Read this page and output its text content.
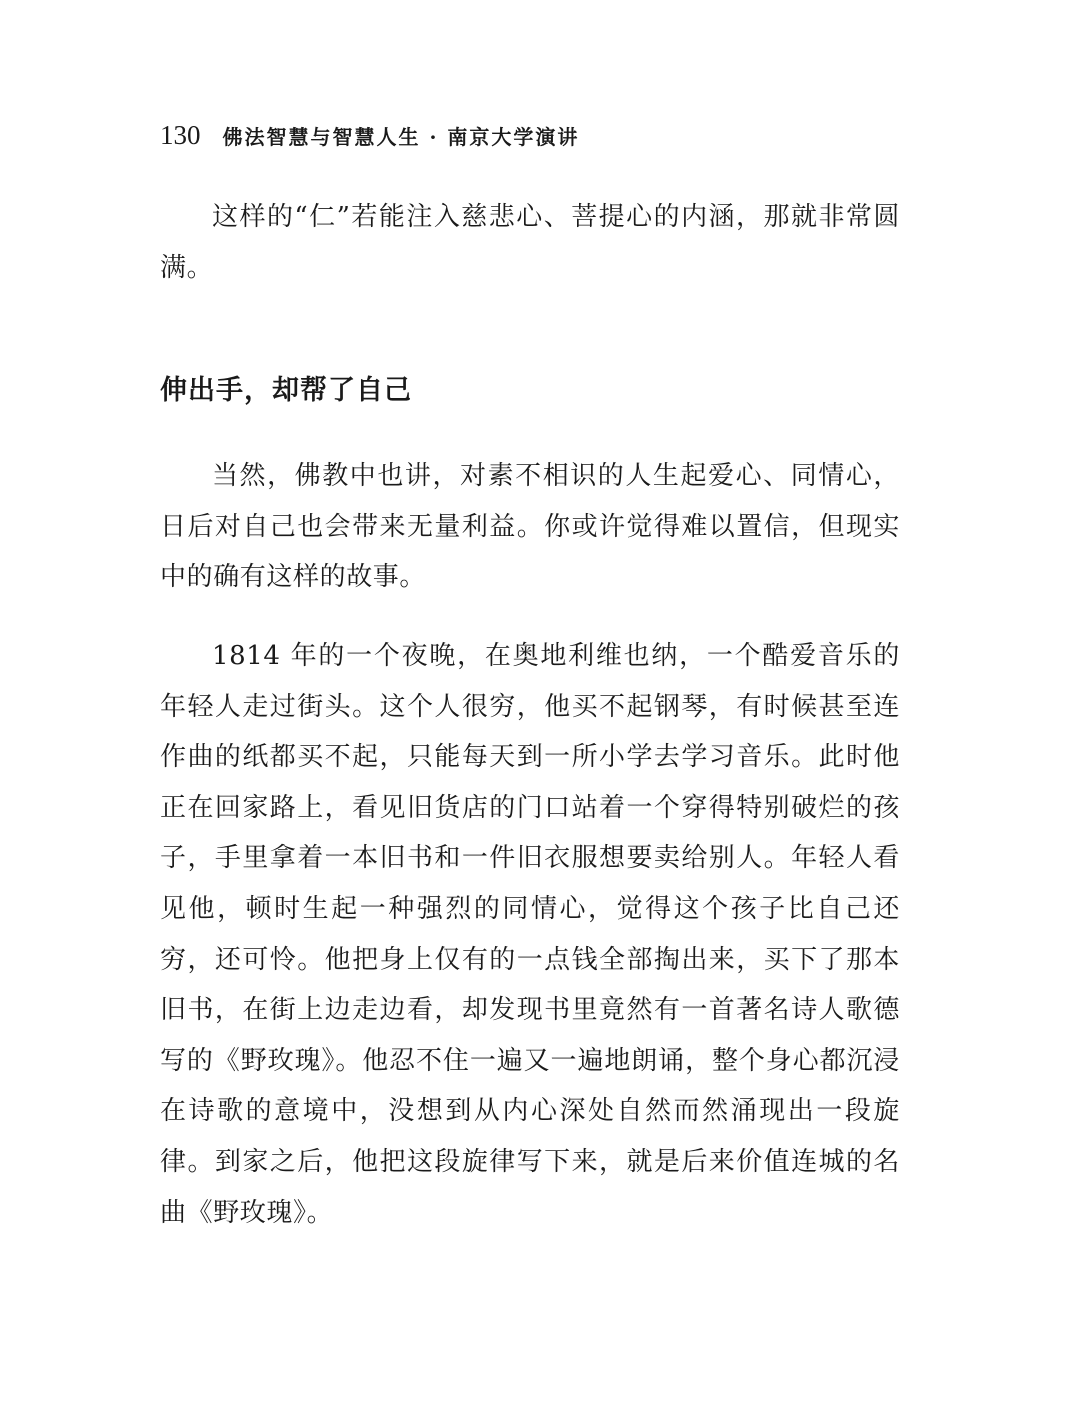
130 佛法智慧与智慧人生 · 南京大学演讲

这样的“仁”若能注入慈悲心、菩提心的内涵，那就非常圆满。

伸出手，却帮了自己

当然，佛教中也讲，对素不相识的人生起爱心、同情心，日后对自己也会带来无量利益。你或许觉得难以置信，但现实中的确有这样的故事。

1814 年的一个夜晚，在奥地利维也纳，一个酷爱音乐的年轻人走过街头。这个人很穷，他买不起钢琴，有时候甚至连作曲的纸都买不起，只能每天到一所小学去学习音乐。此时他正在回家路上，看见旧货店的门口站着一个穿得特别破烂的孩子，手里拿着一本旧书和一件旧衣服想要卖给别人。年轻人看见他，顿时生起一种强烈的同情心，觉得这个孩子比自己还穷，还可怜。他把身上仅有的一点钱全部掏出来，买下了那本旧书，在街上边走边看，却发现书里竟然有一首著名诗人歌德写的《野玫瑰》。他忍不住一遍又一遍地朗诵，整个身心都沉浸在诗歌的意境中，没想到从内心深处自然而然涌现出一段旋律。到家之后，他把这段旋律写下来，就是后来价值连城的名曲《野玫瑰》。
